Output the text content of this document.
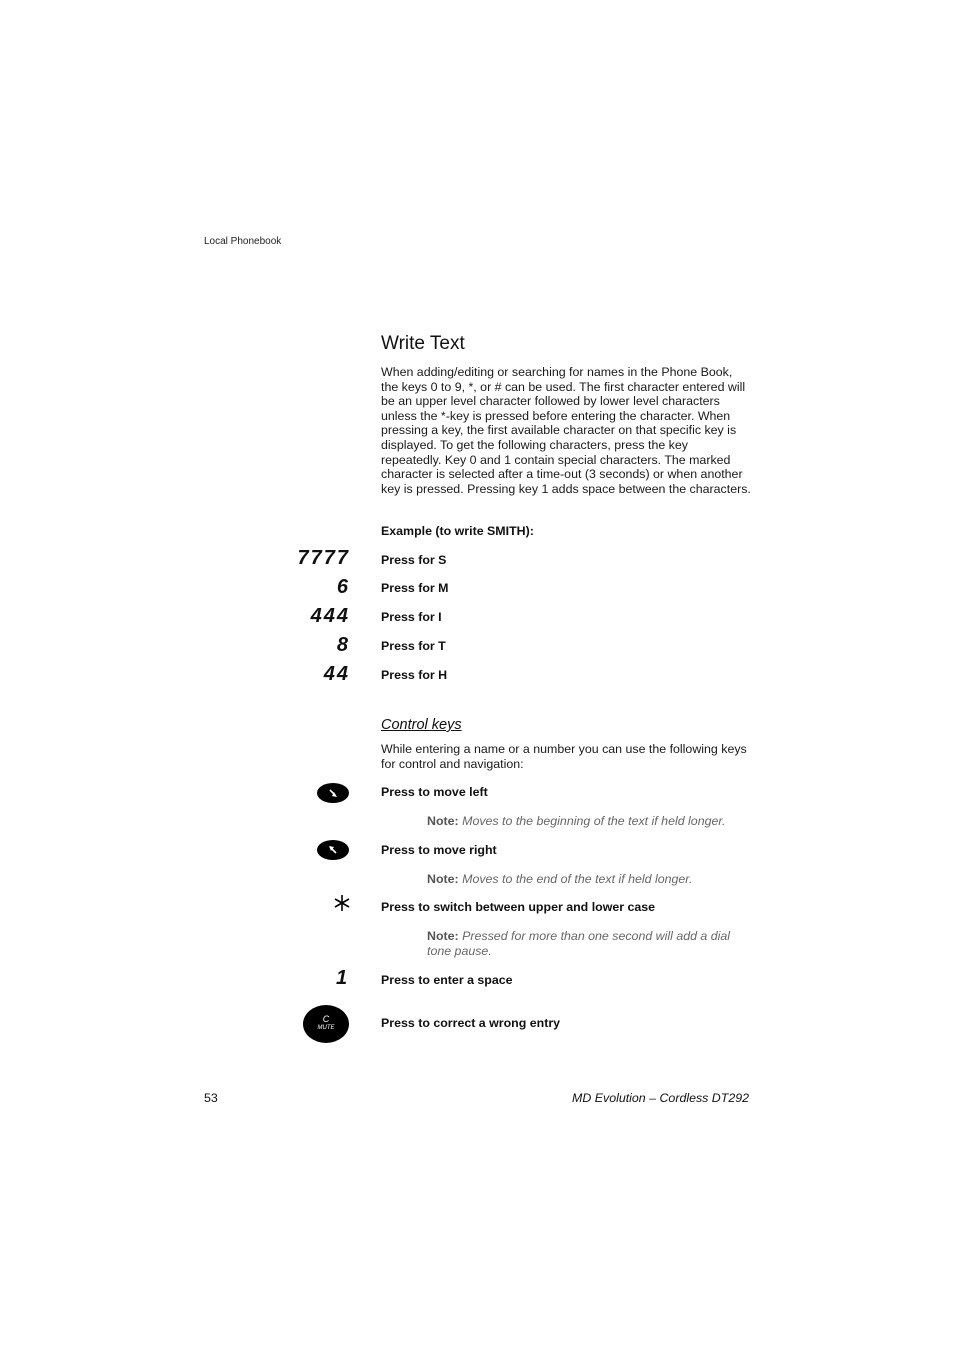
Local Phonebook
Write Text
When adding/editing or searching for names in the Phone Book, the keys 0 to 9, *, or # can be used. The first character entered will be an upper level character followed by lower level characters unless the *-key is pressed before entering the character. When pressing a key, the first available character on that specific key is displayed. To get the following characters, press the key repeatedly. Key 0 and 1 contain special characters. The marked character is selected after a time-out (3 seconds) or when another key is pressed. Pressing key 1 adds space between the characters.
Example (to write SMITH):
7777	Press for S
6	Press for M
444	Press for I
8	Press for T
44	Press for H
Control keys
While entering a name or a number you can use the following keys for control and navigation:
Press to move left
Note: Moves to the beginning of the text if held longer.
Press to move right
Note: Moves to the end of the text if held longer.
Press to switch between upper and lower case
Note: Pressed for more than one second will add a dial tone pause.
1	Press to enter a space
C
MUTE	Press to correct a wrong entry
53	MD Evolution – Cordless DT292
